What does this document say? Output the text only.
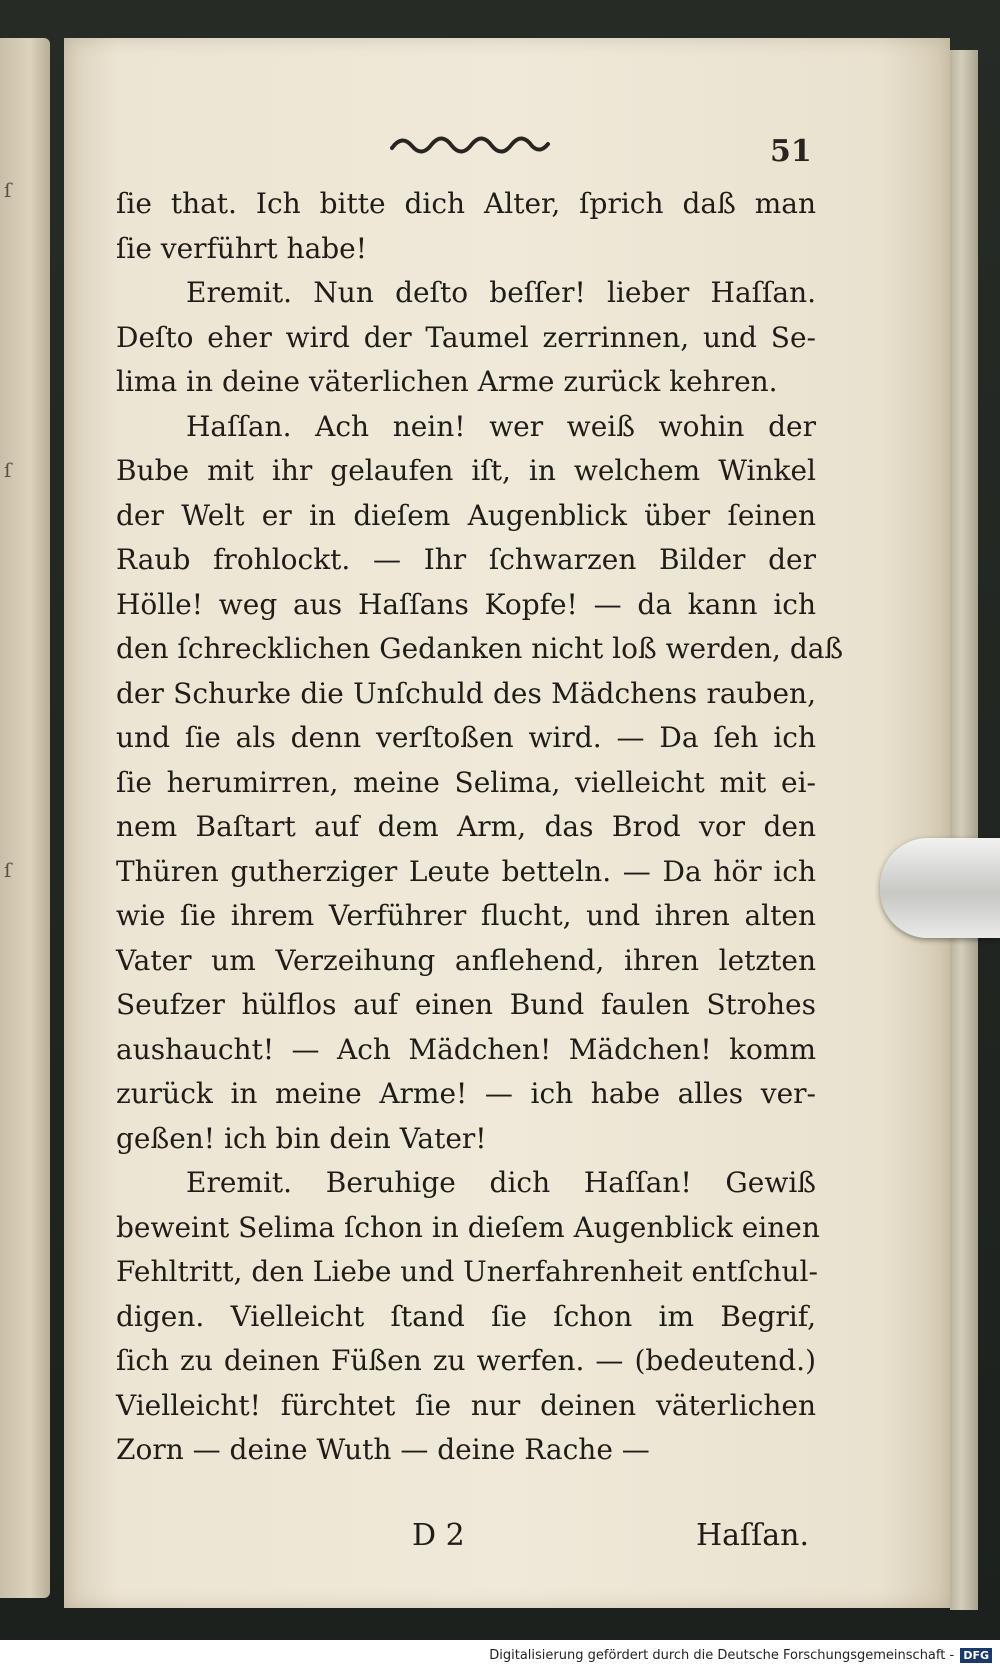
ſ
ſ
ſ
51
ſie that. Ich bitte dich Alter, ſprich daß man
ſie verführt habe!
Eremit. Nun deſto beſſer! lieber Haſſan.
Deſto eher wird der Taumel zerrinnen, und Se-
lima in deine väterlichen Arme zurück kehren.
Haſſan. Ach nein! wer weiß wohin der
Bube mit ihr gelaufen iſt, in welchem Winkel
der Welt er in dieſem Augenblick über ſeinen
Raub frohlockt. — Ihr ſchwarzen Bilder der
Hölle! weg aus Haſſans Kopfe! — da kann ich
den ſchrecklichen Gedanken nicht loß werden, daß
der Schurke die Unſchuld des Mädchens rauben,
und ſie als denn verſtoßen wird. — Da ſeh ich
ſie herumirren, meine Selima, vielleicht mit ei-
nem Baſtart auf dem Arm, das Brod vor den
Thüren gutherziger Leute betteln. — Da hör ich
wie ſie ihrem Verführer flucht, und ihren alten
Vater um Verzeihung anflehend, ihren letzten
Seufzer hülflos auf einen Bund faulen Strohes
aushaucht! — Ach Mädchen! Mädchen! komm
zurück in meine Arme! — ich habe alles ver-
geßen! ich bin dein Vater!
Eremit. Beruhige dich Haſſan! Gewiß
beweint Selima ſchon in dieſem Augenblick einen
Fehltritt, den Liebe und Unerfahrenheit entſchul-
digen. Vielleicht ſtand ſie ſchon im Begrif,
ſich zu deinen Füßen zu werfen. — (bedeutend.)
Vielleicht! fürchtet ſie nur deinen väterlichen
Zorn — deine Wuth — deine Rache —
D 2	Haſſan.
Digitalisierung gefördert durch die Deutsche Forschungsgemeinschaft - DFG
